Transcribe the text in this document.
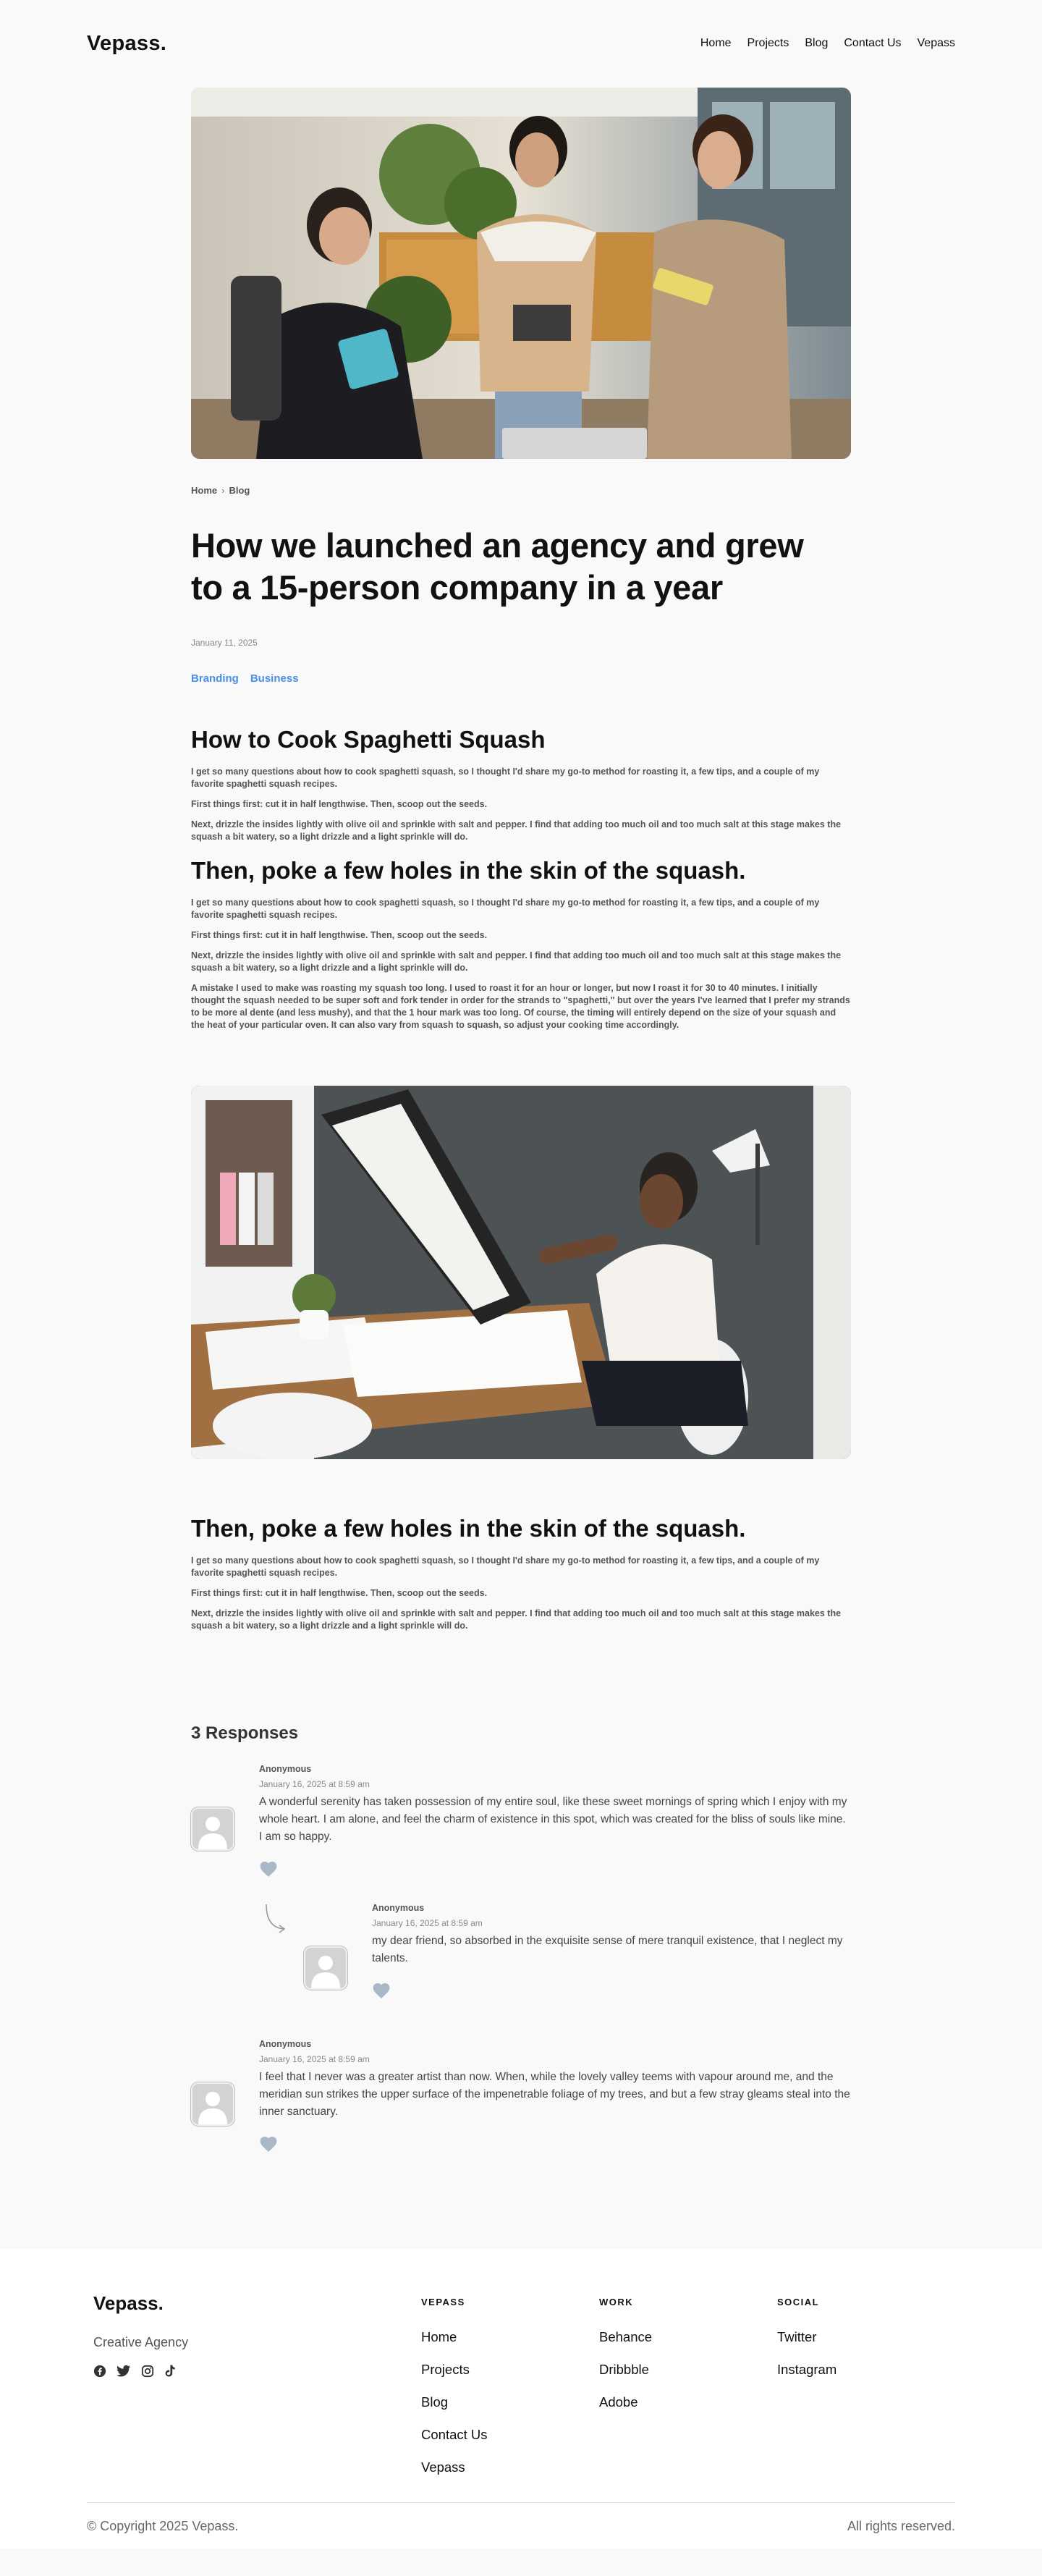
Vepass.	Home Projects Blog Contact Us Vepass
Home › Blog
How we launched an agency and grew to a 15-person company in a year
January 11, 2025
Branding Business
How to Cook Spaghetti Squash

I get so many questions about how to cook spaghetti squash, so I thought I'd share my go-to method for roasting it, a few tips, and a couple of my favorite spaghetti squash recipes.

First things first: cut it in half lengthwise. Then, scoop out the seeds.

Next, drizzle the insides lightly with olive oil and sprinkle with salt and pepper. I find that adding too much oil and too much salt at this stage makes the squash a bit watery, so a light drizzle and a light sprinkle will do.

Then, poke a few holes in the skin of the squash.

I get so many questions about how to cook spaghetti squash, so I thought I'd share my go-to method for roasting it, a few tips, and a couple of my favorite spaghetti squash recipes.

First things first: cut it in half lengthwise. Then, scoop out the seeds.

Next, drizzle the insides lightly with olive oil and sprinkle with salt and pepper. I find that adding too much oil and too much salt at this stage makes the squash a bit watery, so a light drizzle and a light sprinkle will do.

A mistake I used to make was roasting my squash too long. I used to roast it for an hour or longer, but now I roast it for 30 to 40 minutes. I initially thought the squash needed to be super soft and fork tender in order for the strands to "spaghetti," but over the years I've learned that I prefer my strands to be more al dente (and less mushy), and that the 1 hour mark was too long. Of course, the timing will entirely depend on the size of your squash and the heat of your particular oven. It can also vary from squash to squash, so adjust your cooking time accordingly.

Then, poke a few holes in the skin of the squash.

I get so many questions about how to cook spaghetti squash, so I thought I'd share my go-to method for roasting it, a few tips, and a couple of my favorite spaghetti squash recipes.

First things first: cut it in half lengthwise. Then, scoop out the seeds.

Next, drizzle the insides lightly with olive oil and sprinkle with salt and pepper. I find that adding too much oil and too much salt at this stage makes the squash a bit watery, so a light drizzle and a light sprinkle will do.

3 Responses
Anonymous
January 16, 2025 at 8:59 am

A wonderful serenity has taken possession of my entire soul, like these sweet mornings of spring which I enjoy with my whole heart. I am alone, and feel the charm of existence in this spot, which was created for the bliss of souls like mine. I am so happy.

Anonymous
January 16, 2025 at 8:59 am

my dear friend, so absorbed in the exquisite sense of mere tranquil existence, that I neglect my talents.

Anonymous
January 16, 2025 at 8:59 am

I feel that I never was a greater artist than now. When, while the lovely valley teems with vapour around me, and the meridian sun strikes the upper surface of the impenetrable foliage of my trees, and but a few stray gleams steal into the inner sanctuary.

Vepass.
Creative Agency
VEPASS
Home
Projects
Blog
Contact Us
Vepass
WORK
Behance
Dribbble
Adobe
SOCIAL
Twitter
Instagram
© Copyright 2025 Vepass.	All rights reserved.
